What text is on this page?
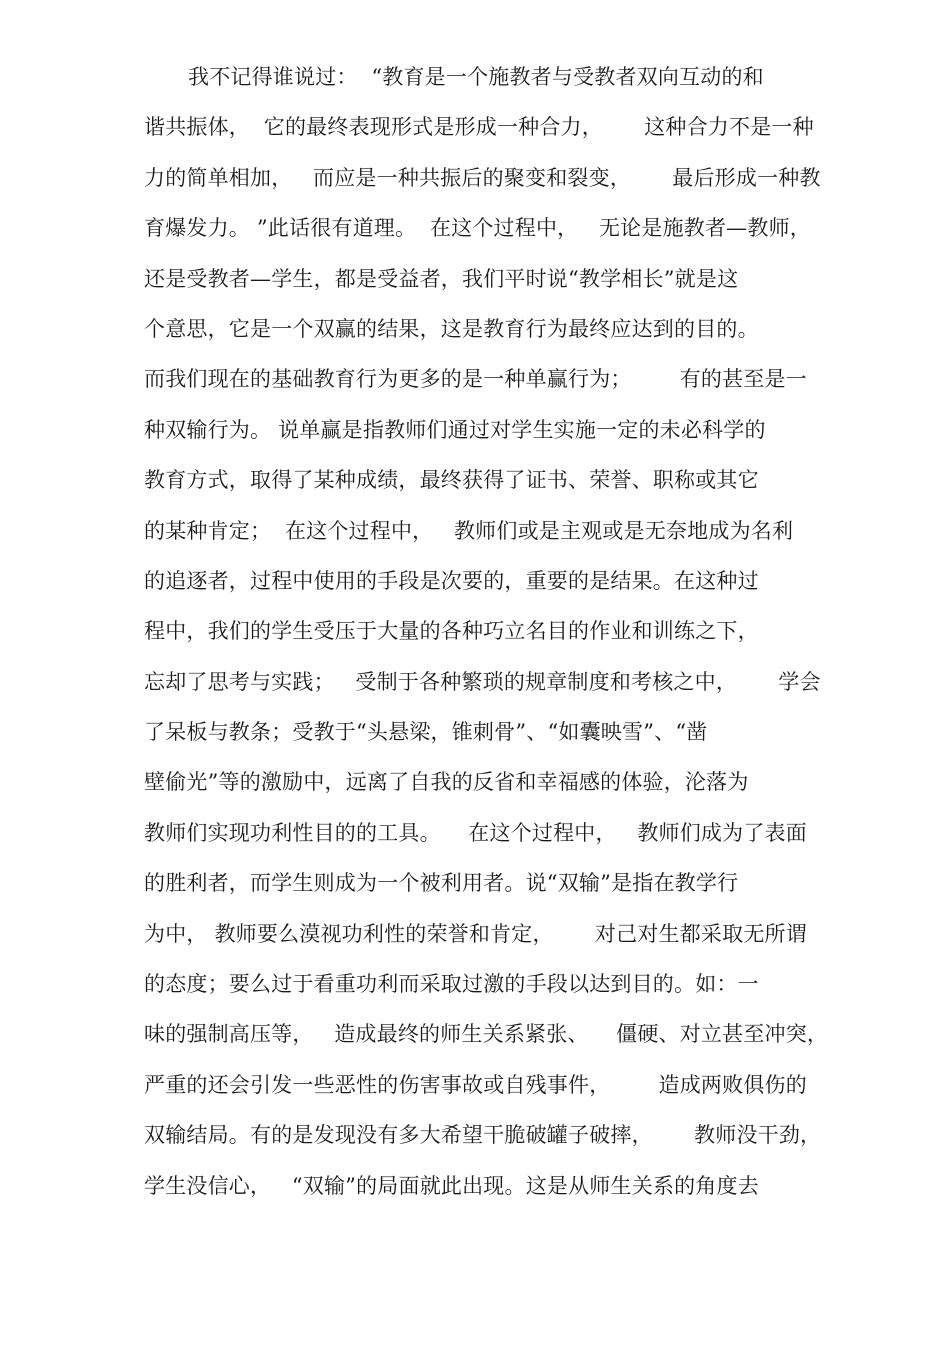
我不记得谁说过：  “教育是一个施教者与受教者双向互动的和
谐共振体，  它的最终表现形式是形成一种合力，      这种合力不是一种
力的简单相加，   而应是一种共振后的聚变和裂变，      最后形成一种教
育爆发力。 ”此话很有道理。  在这个过程中，   无论是施教者—教师，
还是受教者—学生，都是受益者，我们平时说“教学相长”就是这
个意思，它是一个双赢的结果，这是教育行为最终应达到的目的。
而我们现在的基础教育行为更多的是一种单赢行为；       有的甚至是一
种双输行为。 说单赢是指教师们通过对学生实施一定的未必科学的
教育方式，取得了某种成绩，最终获得了证书、荣誉、职称或其它
的某种肯定；  在这个过程中，   教师们或是主观或是无奈地成为名利
的追逐者，过程中使用的手段是次要的，重要的是结果。在这种过
程中，我们的学生受压于大量的各种巧立名目的作业和训练之下，
忘却了思考与实践；   受制于各种繁琐的规章制度和考核之中，      学会
了呆板与教条；受教于“头悬梁，锥刺骨”、“如囊映雪”、“凿
壁偷光”等的激励中，远离了自我的反省和幸福感的体验，沦落为
教师们实现功利性目的的工具。    在这个过程中，   教师们成为了表面
的胜利者，而学生则成为一个被利用者。说“双输”是指在教学行
为中， 教师要么漠视功利性的荣誉和肯定，      对己对生都采取无所谓
的态度；要么过于看重功利而采取过激的手段以达到目的。如：一
味的强制高压等，   造成最终的师生关系紧张、    僵硬、对立甚至冲突，
严重的还会引发一些恶性的伤害事故或自残事件，       造成两败俱伤的
双输结局。有的是发现没有多大希望干脆破罐子破摔，      教师没干劲，
学生没信心，   “双输”的局面就此出现。这是从师生关系的角度去
